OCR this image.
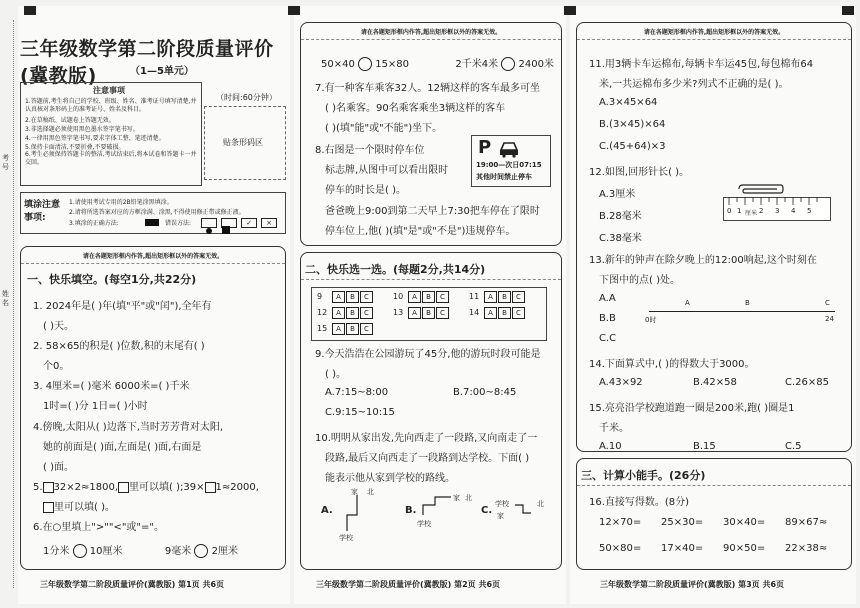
三年级数学第二阶段质量评价(冀教版)	（1—5单元）
注意事项
1.答题前,考生将自己的学校、班级、姓名、准考证号填写清楚,并认真核对条形码上的准考证号、姓名及科目。
2.在草稿纸、试题卷上答题无效。
3.非选择题必须使用黑色墨水签字笔书写。
4.一律用黑色签字笔书写,要求字体工整、笔迹清楚。
5.保持卡面清洁,不要折叠,不要破损。
6.考生必须保持答题卡的整洁,考试结束后,将本试卷和答题卡一并交回。
（时间:60分钟）
贴条形码区
填涂注意事项:
1.请使用考试专用的2B铅笔涂黑填涂。
2.请将所选答案对应的方框涂满、涂黑,不得使用修正带或修正液。
3.填涂的正确方法:	错误方法:	✓	×
请在各题矩形框内作答,超出矩形框以外的答案无效。
一、快乐填空。(每空1分,共22分)
1. 2024年是( )年(填"平"或"闰"),全年有
( )天。
2. 58×65的积是( )位数,积的末尾有( )
个0。
3. 4厘米=( )毫米 6000米=( )千米
1时=( )分 1日=( )小时
4.傍晚,太阳从( )边落下,当时芳芳背对太阳,
她的前面是( )面,左面是( )面,右面是
( )面。
5. 32×2≈1800, 里可以填( );39× 1≈2000,
里可以填( )。
6.在○里填上">""<"或"="。
1分米 10厘米	9毫米 2厘米
三年级数学第二阶段质量评价(冀教版) 第1页 共6页
考号
姓名
请在各题矩形框内作答,超出矩形框以外的答案无效。
50×40 15×80	2千米4米 2400米
7.有一种客车乘客32人。12辆这样的客车最多可坐
( )名乘客。90名乘客乘坐3辆这样的客车
( )(填"能"或"不能")坐下。
8.右图是一个限时停车位
标志牌,从图中可以看出限时
停车的时长是( )。
爸爸晚上9:00到第二天早上7:30把车停在了限时
停车位上,他( )(填"是"或"不是")违规停车。
P
19:00—次日07:15
其他时间禁止停车
二、快乐选一选。(每题2分,共14分)
9 A B C	10 A B C	11 A B C
12 A B C	13 A B C	14 A B C
15 A B C
9.今天浩浩在公园游玩了45分,他的游玩时段可能是
( )。
A.7:15~8:00	B.7:00~8:45
C.9:15~10:15
10.明明从家出发,先向西走了一段路,又向南走了一
段路,最后又向西走了一段路到达学校。下面( )
能表示他从家到学校的路线。
A.
家 北
学校
B.
家 北
学校
C.
学校
家
北
三年级数学第二阶段质量评价(冀教版) 第2页 共6页
请在各题矩形框内作答,超出矩形框以外的答案无效。
11.用3辆卡车运棉布,每辆卡车运45包,每包棉布64
米,一共运棉布多少米?列式不正确的是( )。
A.3×45×64
B.(3×45)×64
C.(45+64)×3
12.如图,回形针长( )。
A.3厘米
B.28毫米
C.38毫米
0 1 厘米 2 3 4 5
13.新年的钟声在除夕晚上的12:00响起,这个时刻在
下图中的点( )处。
A.A
B.B
C.C
A	B	C
0时	24
14.下面算式中,( )的得数大于3000。
A.43×92	B.42×58	C.26×85
15.亮亮沿学校跑道跑一圈是200米,跑( )圈是1
千米。
A.10	B.15	C.5
三、计算小能手。(26分)
16.直接写得数。(8分)
12×70= 25×30= 30×40= 89×67≈
50×80= 17×40= 90×50= 22×38≈
三年级数学第二阶段质量评价(冀教版) 第3页 共6页
